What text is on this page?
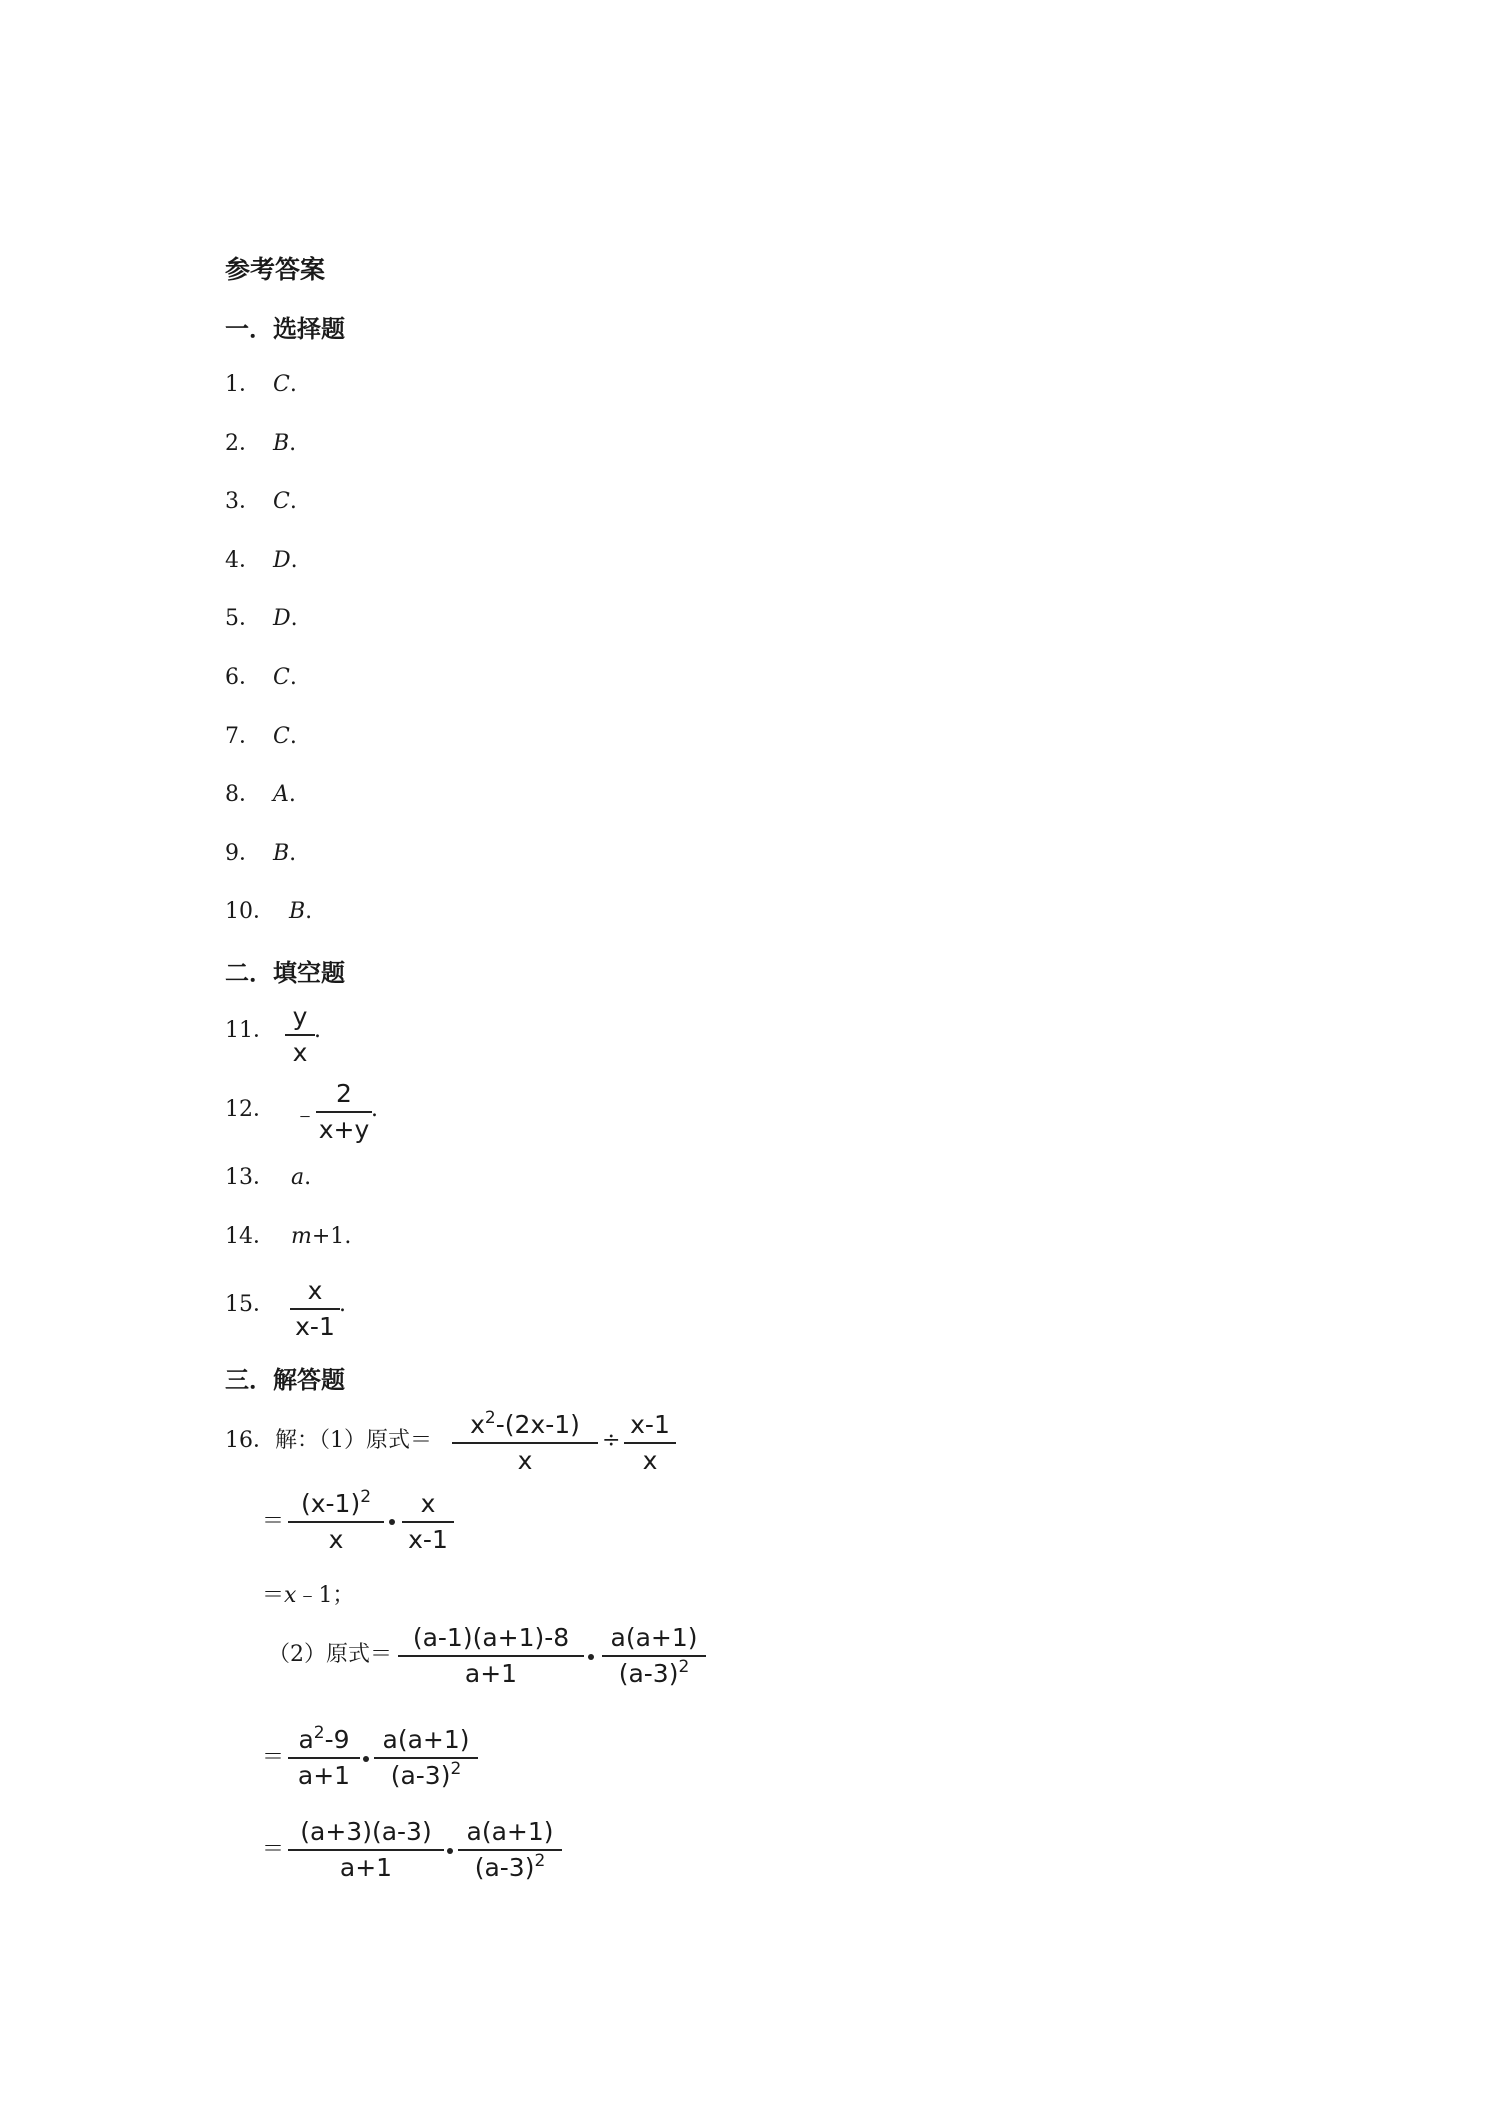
参考答案
一．选择题
1． C.
2． B.
3． C.
4． D.
5． D.
6． C.
7． C.
8． A.
9． B.
10． B.
二．填空题
11． y
x
.
12． ﹣
2
x+y
.
13． a.
14． m+1.
15．	x
x-1
.
三．解答题
16．解：（1）原式＝
$x^2-(2x-1)$
x
÷
x-1
x
＝
$(x-1)^2$
x
x
x-1
＝x﹣1；
（2）原式＝
(a-1)(a+1)-8
a+1
a(a+1)
$(a-3)^2$
＝
$a^2-9$
a+1
a(a+1)
$(a-3)^2$
＝
(a+3)(a-3)
a+1
a(a+1)
$(a-3)^2$
